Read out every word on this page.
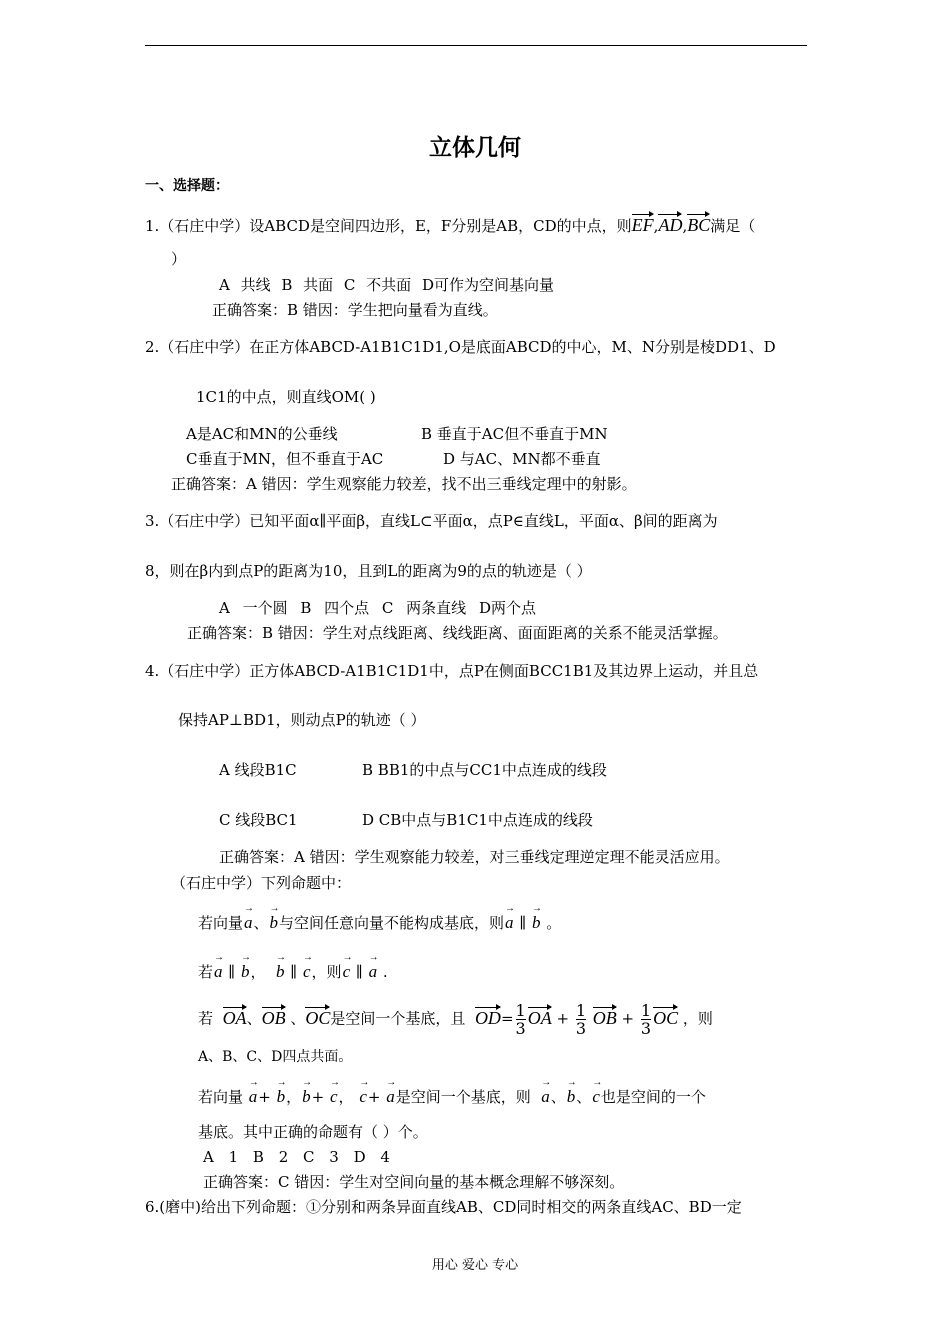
立体几何
一、选择题：
1.（石庄中学）设ABCD是空间四边形，E，F分别是AB，CD的中点，则EF,AD,BC满足（
）
A 共线 B 共面 C 不共面 D可作为空间基向量
正确答案：B 错因：学生把向量看为直线。
2.（石庄中学）在正方体ABCD-A1B1C1D1,O是底面ABCD的中心，M、N分别是棱DD1、D
1C1的中点，则直线OM( )
A是AC和MN的公垂线	B 垂直于AC但不垂直于MN
C垂直于MN，但不垂直于AC	D 与AC、MN都不垂直
正确答案：A 错因：学生观察能力较差，找不出三垂线定理中的射影。
3.（石庄中学）已知平面α∥平面β，直线L⊂平面α，点P∈直线L，平面α、β间的距离为
8，则在β内到点P的距离为10，且到L的距离为9的点的轨迹是（ ）
A 一个圆 B 四个点 C 两条直线 D两个点
正确答案：B 错因：学生对点线距离、线线距离、面面距离的关系不能灵活掌握。
4.（石庄中学）正方体ABCD-A1B1C1D1中，点P在侧面BCC1B1及其边界上运动，并且总
保持AP⊥BD1，则动点P的轨迹（ ）
A 线段B1C	B BB1的中点与CC1中点连成的线段
C 线段BC1	D CB中点与B1C1中点连成的线段
正确答案：A 错因：学生观察能力较差，对三垂线定理逆定理不能灵活应用。
（石庄中学）下列命题中：
若向量→ a、→ b与空间任意向量不能构成基底，则→ a ∥ → b 。
若→ a ∥ → b，  → b ∥ → c，则→ c ∥ → a .
若 OA、OB 、OC是空间一个基底，且 $OD= \frac{1}{3}$ OA + $\frac{1}{3}$ OB + $\frac{1}{3}$ OC ，则
A、B、C、D四点共面。
若向量 → a+ → b，→ b+ → c， → c+ → a是空间一个基底，则 → a、→ b、→ c也是空间的一个
基底。其中正确的命题有（ ）个。
A 1 B 2 C 3 D 4
正确答案：C 错因：学生对空间向量的基本概念理解不够深刻。
6.(磨中)给出下列命题：①分别和两条异面直线AB、CD同时相交的两条直线AC、BD一定
用心 爱心 专心
